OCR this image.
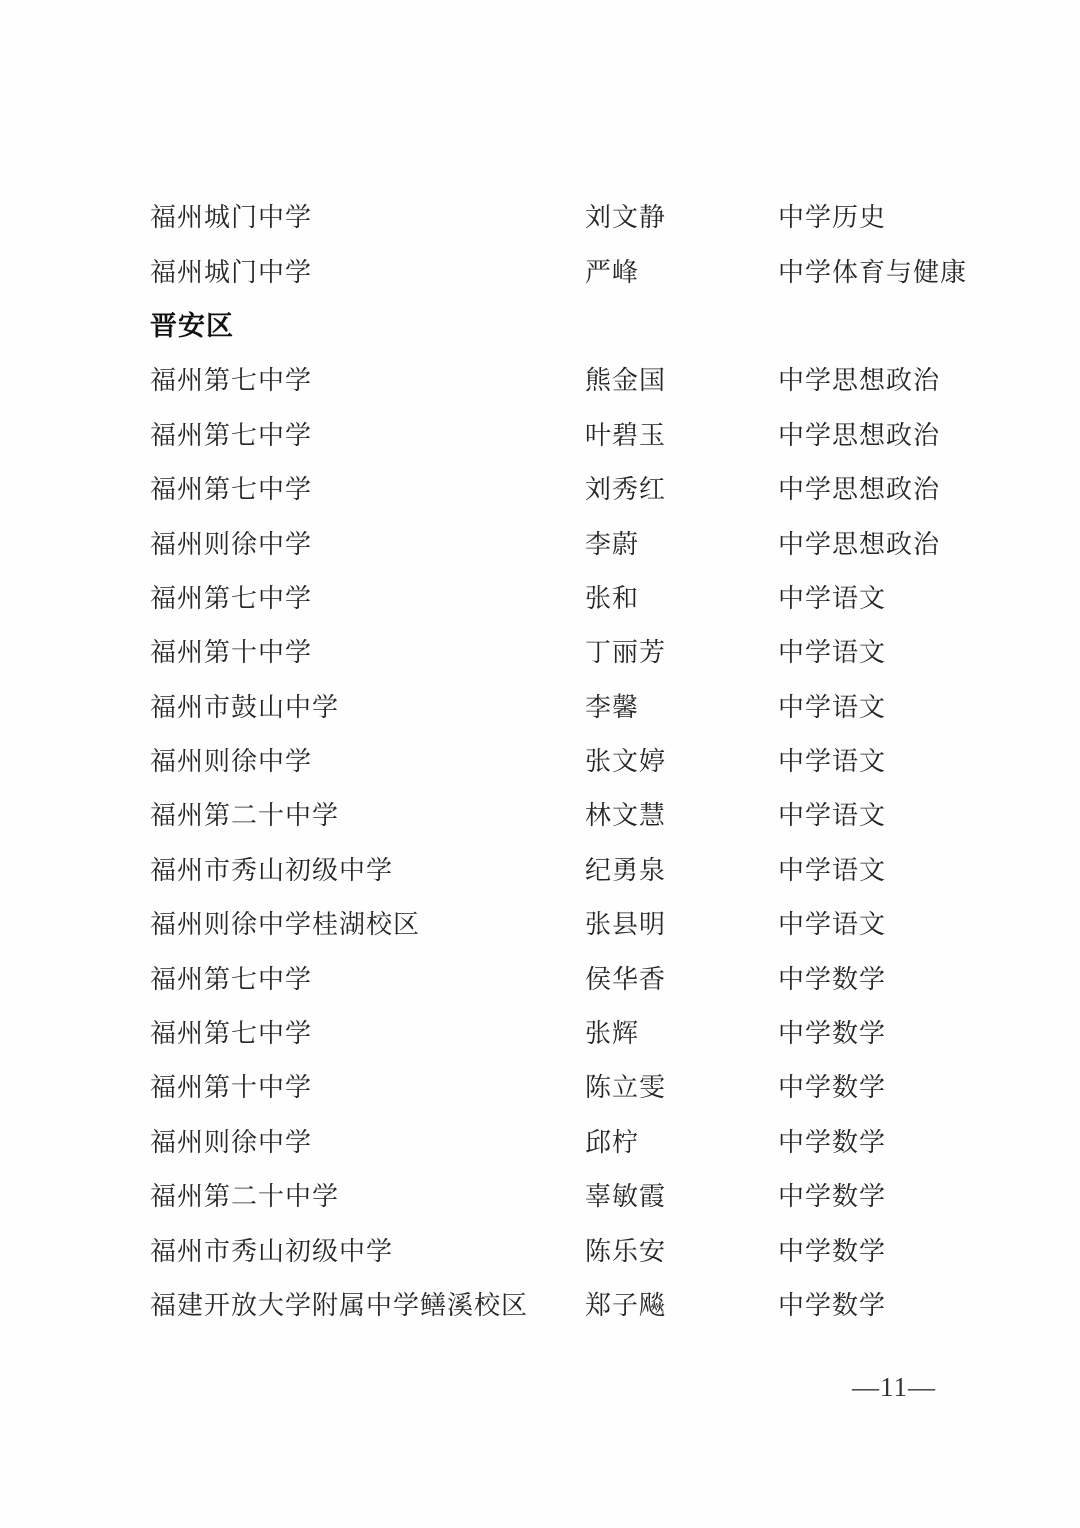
福州城门中学	刘文静	中学历史
福州城门中学	严峰	中学体育与健康
晋安区
福州第七中学	熊金国	中学思想政治
福州第七中学	叶碧玉	中学思想政治
福州第七中学	刘秀红	中学思想政治
福州则徐中学	李蔚	中学思想政治
福州第七中学	张和	中学语文
福州第十中学	丁丽芳	中学语文
福州市鼓山中学	李馨	中学语文
福州则徐中学	张文婷	中学语文
福州第二十中学	林文慧	中学语文
福州市秀山初级中学	纪勇泉	中学语文
福州则徐中学桂湖校区	张县明	中学语文
福州第七中学	侯华香	中学数学
福州第七中学	张辉	中学数学
福州第十中学	陈立雯	中学数学
福州则徐中学	邱柠	中学数学
福州第二十中学	辜敏霞	中学数学
福州市秀山初级中学	陈乐安	中学数学
福建开放大学附属中学鳝溪校区	郑子飚	中学数学
—11—
